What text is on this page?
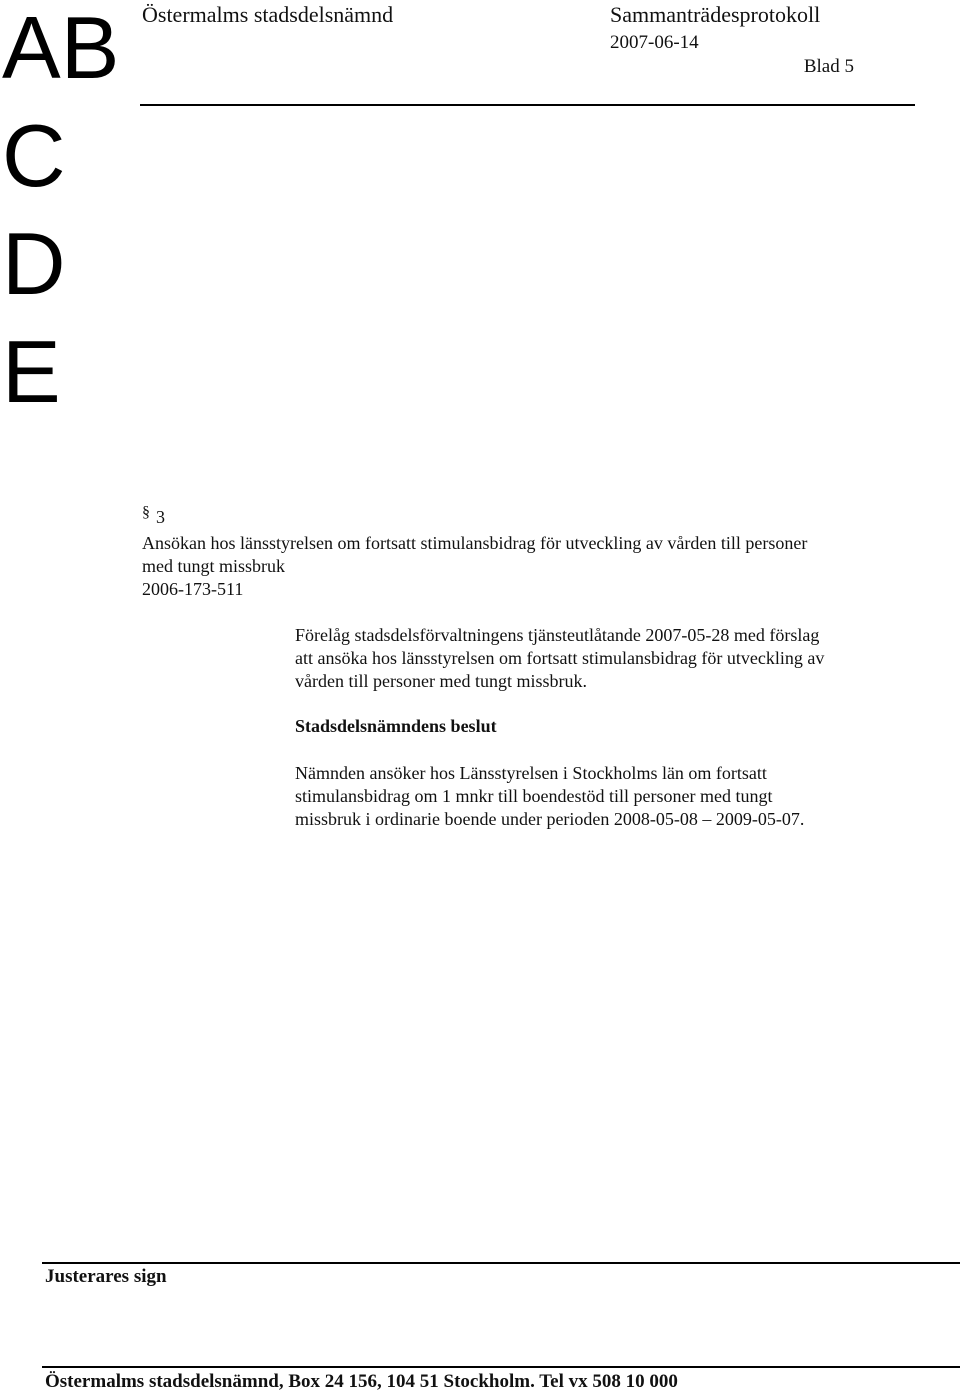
AB
C
D
E
Östermalms stadsdelsnämnd	Sammanträdesprotokoll
2007-06-14
Blad 5
§ 3
Ansökan hos länsstyrelsen om fortsatt stimulansbidrag för utveckling av vården till personer
med tungt missbruk
2006-173-511
Förelåg stadsdelsförvaltningens tjänsteutlåtande 2007-05-28 med förslag
att ansöka hos länsstyrelsen om fortsatt stimulansbidrag för utveckling av
vården till personer med tungt missbruk.
Stadsdelsnämndens beslut
Nämnden ansöker hos Länsstyrelsen i Stockholms län om fortsatt
stimulansbidrag om 1 mnkr till boendestöd till personer med tungt
missbruk i ordinarie boende under perioden 2008-05-08 – 2009-05-07.
Justerares sign
Östermalms stadsdelsnämnd, Box 24 156, 104 51 Stockholm. Tel vx 508 10 000
